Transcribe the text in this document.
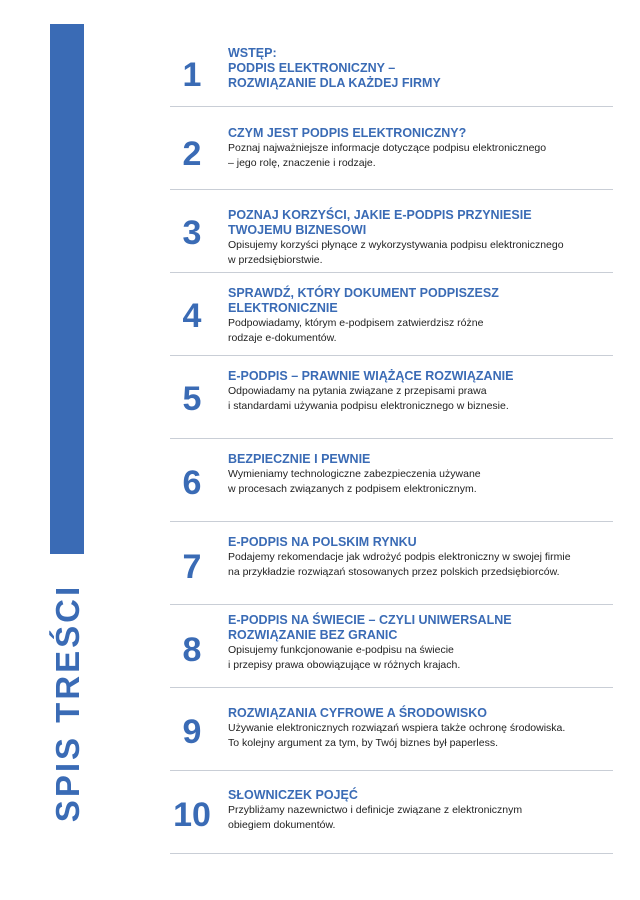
SPIS TREŚCI
1

WSTĘP:

PODPIS ELEKTRONICZNY –

ROZWIĄZANIE DLA KAŻDEJ FIRMY

2

CZYM JEST PODPIS ELEKTRONICZNY?

Poznaj najważniejsze informacje dotyczące podpisu elektronicznego

– jego rolę, znaczenie i rodzaje.

3	POZNAJ KORZYŚCI, JAKIE E-PODPIS PRZYNIESIE

TWOJEMU BIZNESOWI

Opisujemy korzyści płynące z wykorzystywania podpisu elektronicznego

w przedsiębiorstwie.

4

SPRAWDŹ, KTÓRY DOKUMENT PODPISZESZ ELEKTRONICZNIE

Podpowiadamy, którym e-podpisem zatwierdzisz różne

rodzaje e-dokumentów.

5

E-PODPIS – PRAWNIE WIĄŻĄCE ROZWIĄZANIE

Odpowiadamy na pytania związane z przepisami prawa

i standardami używania podpisu elektronicznego w biznesie.

6

BEZPIECZNIE I PEWNIE

Wymieniamy technologiczne zabezpieczenia używane

w procesach związanych z podpisem elektronicznym.

7

E-PODPIS NA POLSKIM RYNKU

Podajemy rekomendacje jak wdrożyć podpis elektroniczny w swojej firmie

na przykładzie rozwiązań stosowanych przez polskich przedsiębiorców.

8

E-PODPIS NA ŚWIECIE – CZYLI UNIWERSALNE

ROZWIĄZANIE BEZ GRANIC

Opisujemy funkcjonowanie e-podpisu na świecie

i przepisy prawa obowiązujące w różnych krajach.

9	ROZWIĄZANIA CYFROWE A ŚRODOWISKO

Używanie elektronicznych rozwiązań wspiera także ochronę środowiska.

To kolejny argument za tym, by Twój biznes był paperless.

10

SŁOWNICZEK POJĘĆ

Przybliżamy nazewnictwo i definicje związane z elektronicznym

obiegiem dokumentów.
